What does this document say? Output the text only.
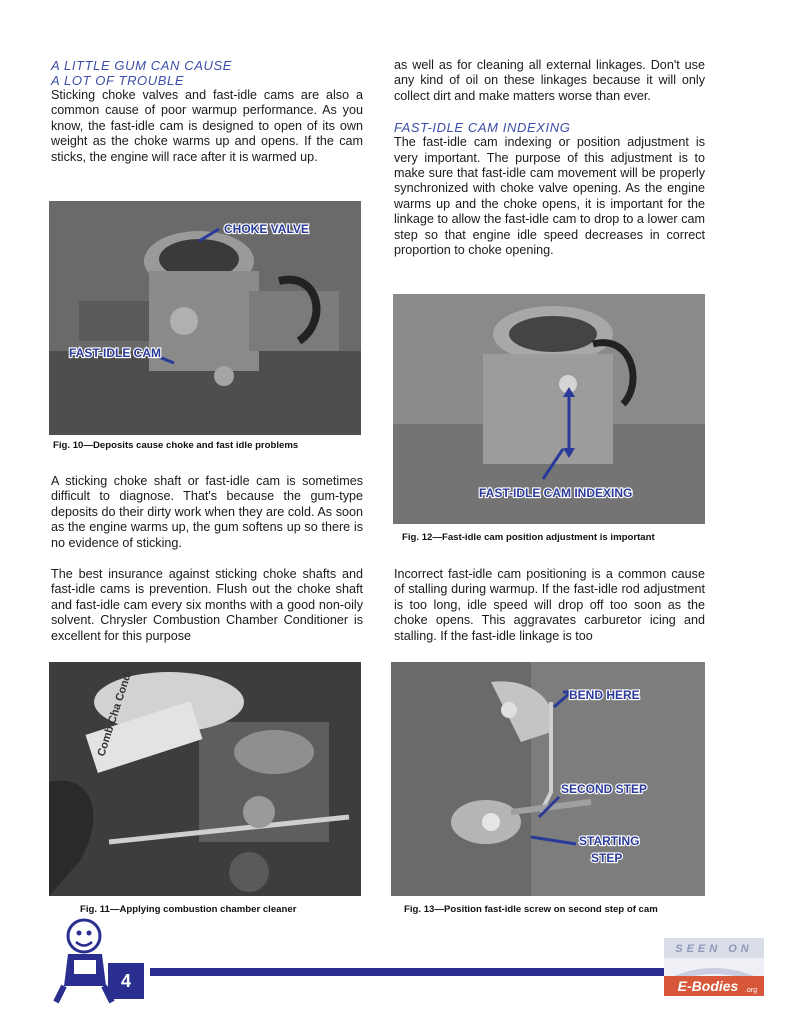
A LITTLE GUM CAN CAUSE

A LOT OF TROUBLE

Sticking choke valves and fast-idle cams are also a common cause of poor warmup performance. As you know, the fast-idle cam is designed to open of its own weight as the choke warms up and opens. If the cam sticks, the engine will race after it is warmed up.

CHOKE VALVE
FAST-IDLE CAM
Fig. 10—Deposits cause choke and fast idle problems

A sticking choke shaft or fast-idle cam is sometimes difficult to diagnose. That's because the gum-type deposits do their dirty work when they are cold. As soon as the engine warms up, the gum softens up so there is no evidence of sticking.

The best insurance against sticking choke shafts and fast-idle cams is prevention. Flush out the choke shaft and fast-idle cam every six months with a good non-oily solvent. Chrysler Combustion Chamber Conditioner is excellent for this purpose

Comb Cha Condi
Fig. 11—Applying combustion chamber cleaner

as well as for cleaning all external linkages. Don't use any kind of oil on these linkages because it will only collect dirt and make matters worse than ever.

FAST-IDLE CAM INDEXING

The fast-idle cam indexing or position adjustment is very important. The purpose of this adjustment is to make sure that fast-idle cam movement will be properly synchronized with choke valve opening. As the engine warms up and the choke opens, it is important for the linkage to allow the fast-idle cam to drop to a lower cam step so that engine idle speed decreases in correct proportion to choke opening.

FAST-IDLE CAM INDEXING
Fig. 12—Fast-idle cam position adjustment is important

Incorrect fast-idle cam positioning is a common cause of stalling during warmup. If the fast-idle rod adjustment is too long, idle speed will drop off too soon as the choke opens. This aggravates carburetor icing and stalling. If the fast-idle linkage is too

BEND HERE
SECOND STEP
STARTING
STEP
Fig. 13—Position fast-idle screw on second step of cam
4
SEEN ON
E-Bodies .org
